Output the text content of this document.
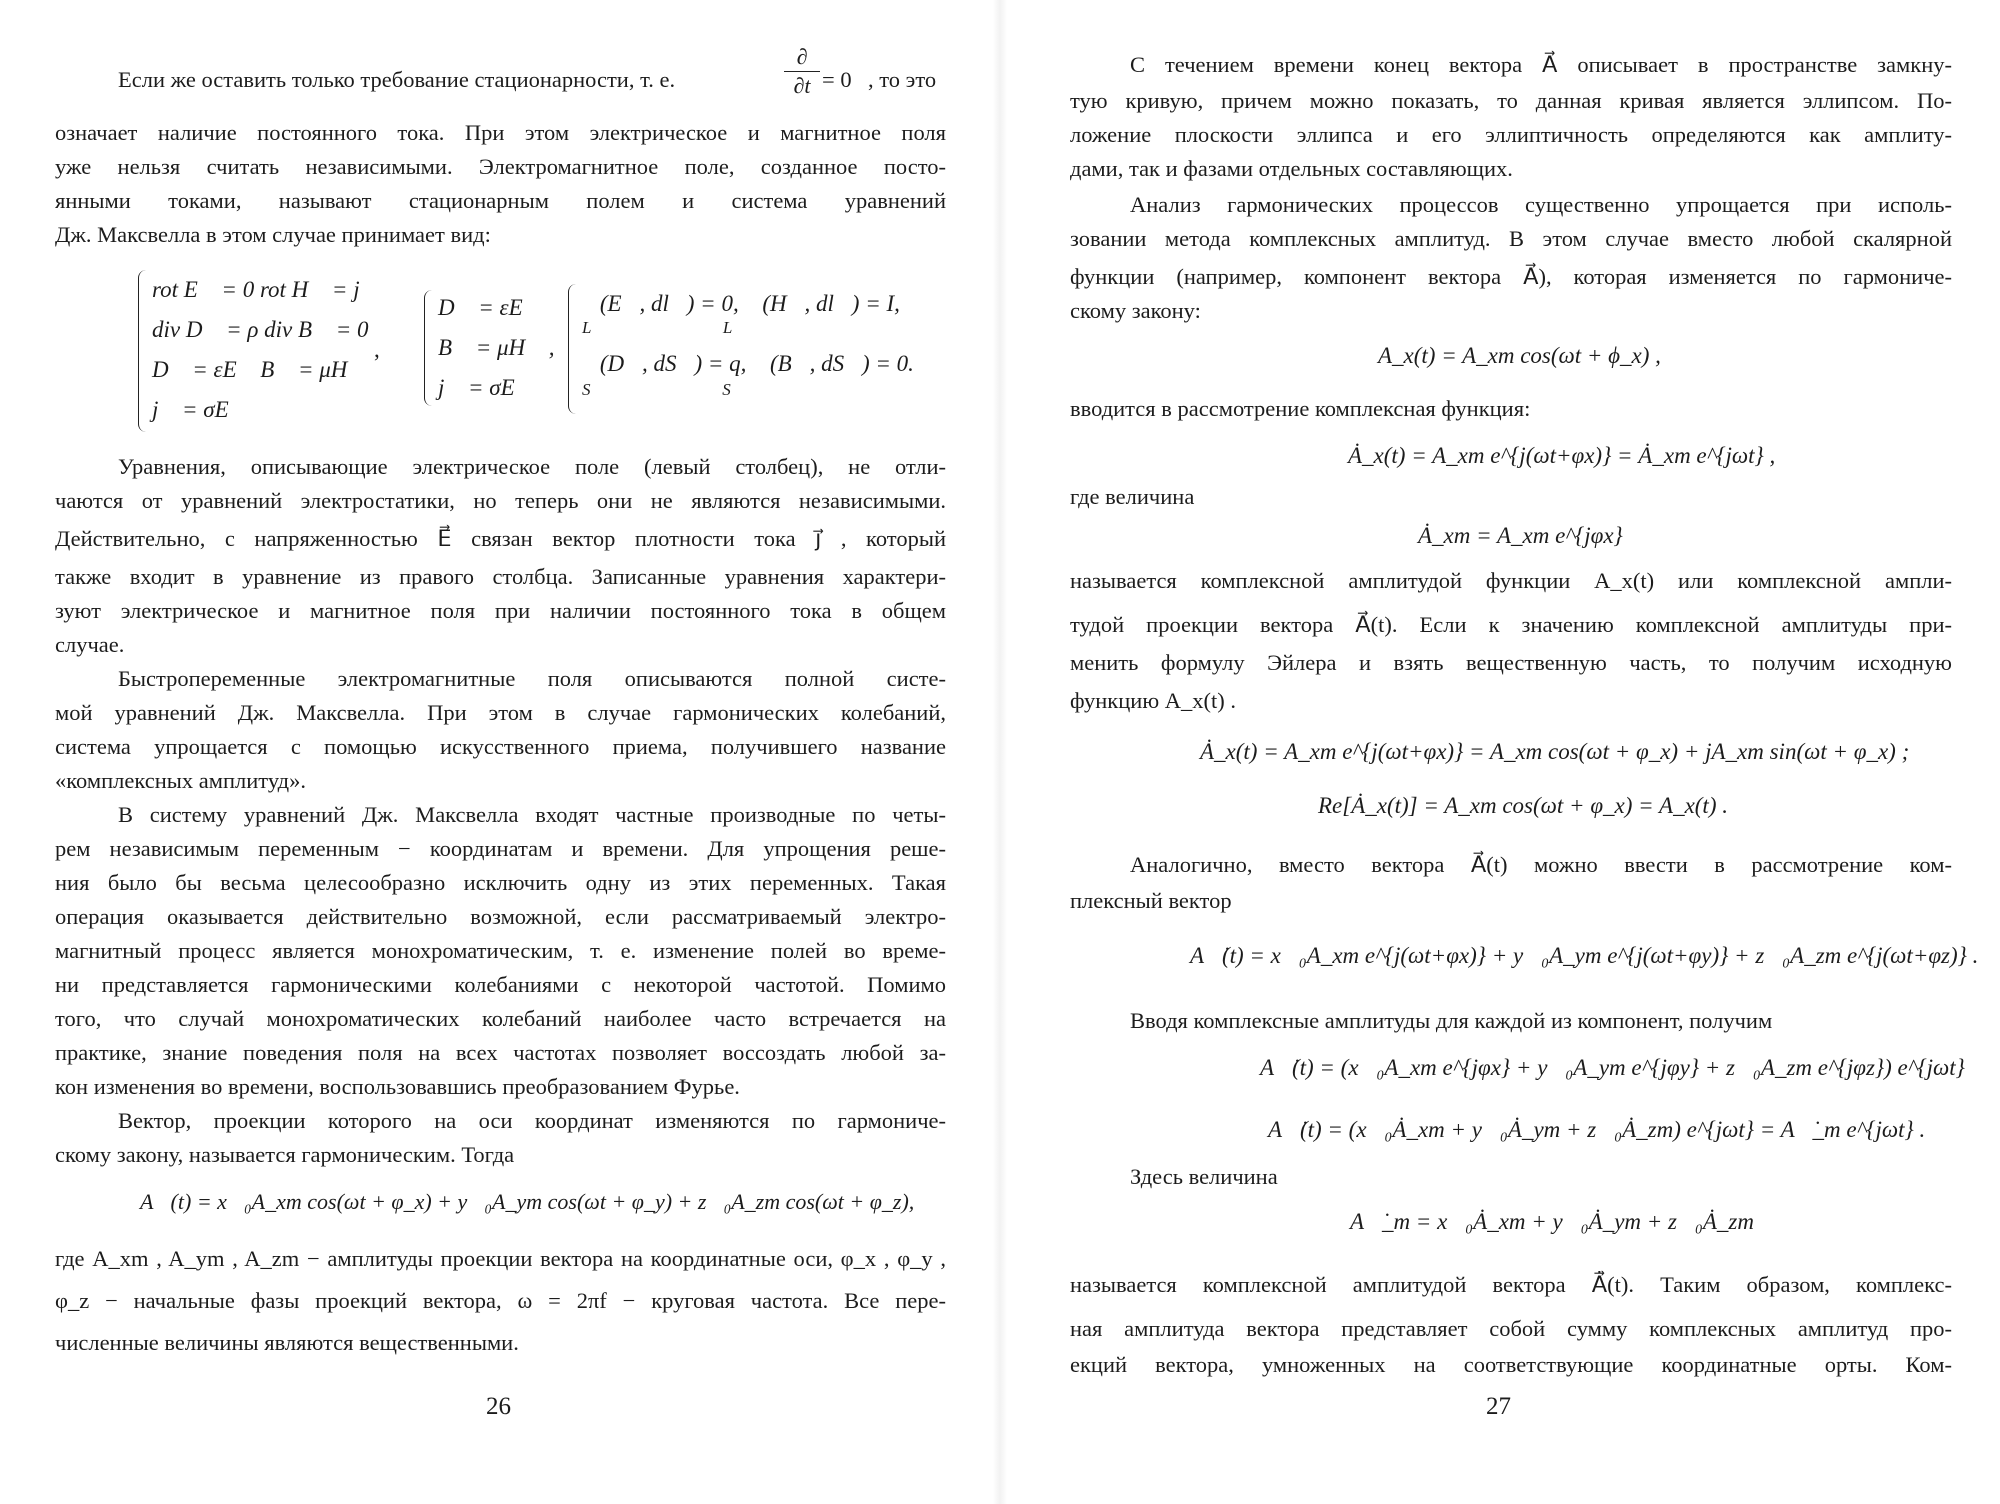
Если же оставить только требование стационарности, т. е.

∂
∂t = 0 , то это

означает наличие постоянного тока. При этом электрическое и магнитное поля

уже нельзя считать независимыми. Электромагнитное поле, созданное посто-

янными токами, называют стационарным полем и система уравнений

Дж. Максвелла в этом случае принимает вид:

rot E⃗ = 0 rot H⃗ = j⃗

div D⃗ = ρ div B⃗ = 0

D⃗ = εE⃗ B⃗ = μH⃗

j⃗ = σE⃗

,

D⃗ = εE⃗

B⃗ = μH⃗ ,

j⃗ = σE⃗

∮(E⃗, dl⃗) = 0, ∮(H⃗, dl⃗) = I,

L                               L

∮(D⃗, dS⃗) = q, ∮(B⃗, dS⃗) = 0.

S                               S

Уравнения, описывающие электрическое поле (левый столбец), не отли-

чаются от уравнений электростатики, но теперь они не являются независимыми.

Действительно, с напряженностью E⃗ связан вектор плотности тока j⃗ , который

также входит в уравнение из правого столбца. Записанные уравнения характери-

зуют электрическое и магнитное поля при наличии постоянного тока в общем

случае.

Быстропеременные электромагнитные поля описываются полной систе-

мой уравнений Дж. Максвелла. При этом в случае гармонических колебаний,

система упрощается с помощью искусственного приема, получившего название

«комплексных амплитуд».

В систему уравнений Дж. Максвелла входят частные производные по четы-

рем независимым переменным − координатам и времени. Для упрощения реше-

ния было бы весьма целесообразно исключить одну из этих переменных. Такая

операция оказывается действительно возможной, если рассматриваемый электро-

магнитный процесс является монохроматическим, т. е. изменение полей во време-

ни представляется гармоническими колебаниями с некоторой частотой. Помимо

того, что случай монохроматических колебаний наиболее часто встречается на

практике, знание поведения поля на всех частотах позволяет воссоздать любой за-

кон изменения во времени, воспользовавшись преобразованием Фурье.

Вектор, проекции которого на оси координат изменяются по гармониче-

скому закону, называется гармоническим. Тогда

A⃗(t) = x⃗₀A_xm cos(ωt + φ_x) + y⃗₀A_ym cos(ωt + φ_y) + z⃗₀A_zm cos(ωt + φ_z),

где A_xm , A_ym , A_zm − амплитуды проекции вектора на координатные оси, φ_x , φ_y ,

φ_z − начальные фазы проекций вектора, ω = 2πf − круговая частота. Все пере-

численные величины являются вещественными.

26

С течением времени конец вектора A⃗ описывает в пространстве замкну-

тую кривую, причем можно показать, то данная кривая является эллипсом. По-

ложение плоскости эллипса и его эллиптичность определяются как амплиту-

дами, так и фазами отдельных составляющих.

Анализ гармонических процессов существенно упрощается при исполь-

зовании метода комплексных амплитуд. В этом случае вместо любой скалярной

функции (например, компонент вектора A⃗), которая изменяется по гармониче-

скому закону:

A_x(t) = A_xm cos(ωt + ϕ_x) ,

вводится в рассмотрение комплексная функция:

Ȧ_x(t) = A_xm e^{j(ωt+φx)} = Ȧ_xm e^{jωt} ,

где величина

Ȧ_xm = A_xm e^{jφx}

называется комплексной амплитудой функции A_x(t) или комплексной ампли-

тудой проекции вектора A⃗(t). Если к значению комплексной амплитуды при-

менить формулу Эйлера и взять вещественную часть, то получим исходную

функцию A_x(t) .

Ȧ_x(t) = A_xm e^{j(ωt+φx)} = A_xm cos(ωt + φ_x) + jA_xm sin(ωt + φ_x) ;

Re[Ȧ_x(t)] = A_xm cos(ωt + φ_x) = A_x(t) .

Аналогично, вместо вектора A⃗(t) можно ввести в рассмотрение ком-

плексный вектор

A⃗̇(t) = x⃗₀A_xm e^{j(ωt+φx)} + y⃗₀A_ym e^{j(ωt+φy)} + z⃗₀A_zm e^{j(ωt+φz)} .

Вводя комплексные амплитуды для каждой из компонент, получим

A⃗̇(t) = (x⃗₀A_xm e^{jφx} + y⃗₀A_ym e^{jφy} + z⃗₀A_zm e^{jφz}) e^{jωt}

A⃗̇(t) = (x⃗₀Ȧ_xm + y⃗₀Ȧ_ym + z⃗₀Ȧ_zm) e^{jωt} = A⃗̇_m e^{jωt} .

Здесь величина

A⃗̇_m = x⃗₀Ȧ_xm + y⃗₀Ȧ_ym + z⃗₀Ȧ_zm

называется комплексной амплитудой вектора A⃗̇(t). Таким образом, комплекс-

ная амплитуда вектора представляет собой сумму комплексных амплитуд про-

екций вектора, умноженных на соответствующие координатные орты. Ком-

27
